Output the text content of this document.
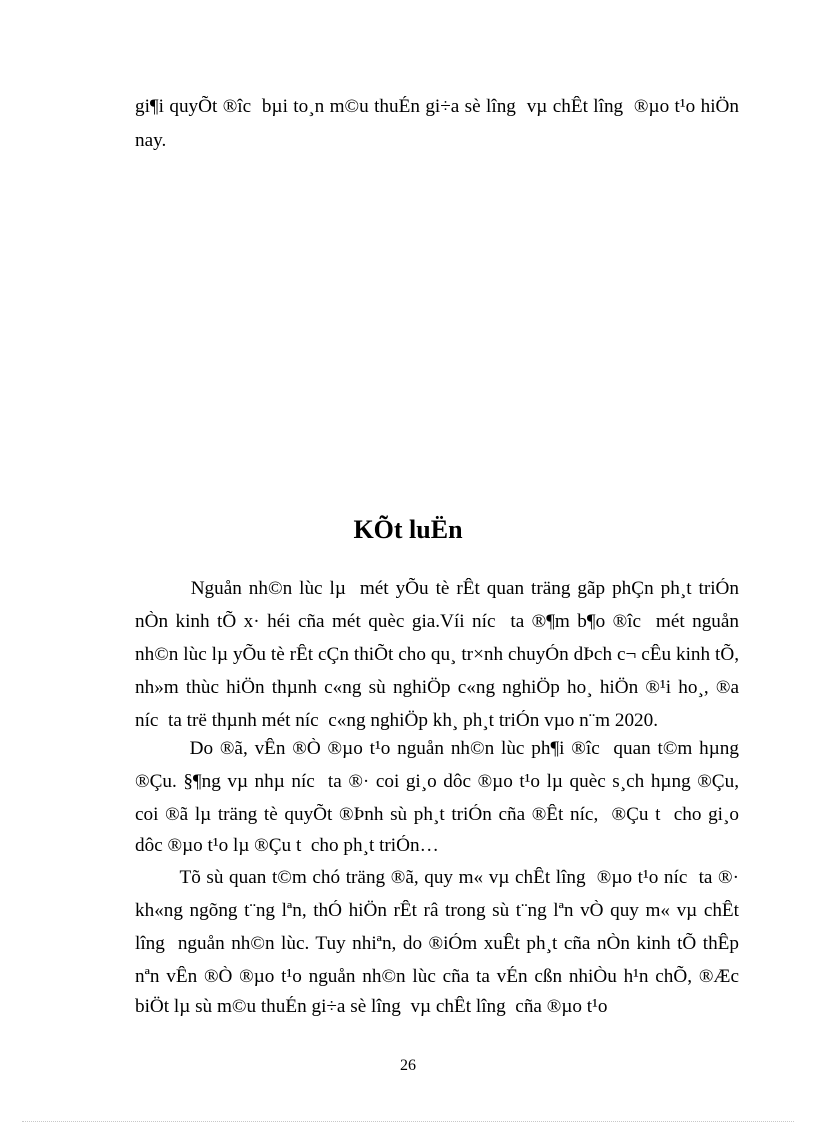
gi¶i quyÕt ®îc  bµi to¸n m©u thuÉn gi÷a sè lîng  vµ chÊt lîng  ®µo t¹o hiÖn
nay.
KÕt luËn
Nguån nh©n lùc lµ  mét yÕu tè rÊt quan träng gãp phÇn ph¸t triÓn
nÒn kinh tÕ x· héi cña mét quèc gia.Víi níc  ta ®¶m b¶o ®îc  mét nguån
nh©n lùc lµ yÕu tè rÊt cÇn thiÕt cho qu¸ tr×nh chuyÓn dÞch c¬ cÊu kinh tÕ,
nh»m thùc hiÖn thµnh c«ng sù nghiÖp c«ng nghiÖp ho¸ hiÖn ®¹i ho¸, ®a
níc  ta trë thµnh mét níc  c«ng nghiÖp kh¸ ph¸t triÓn vµo n¨m 2020.
Do ®ã, vÊn ®Ò ®µo t¹o nguån nh©n lùc ph¶i ®îc  quan t©m hµng
®Çu. §¶ng vµ nhµ níc  ta ®· coi gi¸o dôc ®µo t¹o lµ quèc s¸ch hµng ®Çu,
coi ®ã lµ träng tè quyÕt ®Þnh sù ph¸t triÓn cña ®Êt níc,  ®Çu t  cho gi¸o
dôc ®µo t¹o lµ ®Çu t  cho ph¸t triÓn…
Tõ sù quan t©m chó träng ®ã, quy m« vµ chÊt lîng  ®µo t¹o níc  ta ®·
kh«ng ngõng t¨ng lªn, thÓ hiÖn rÊt râ trong sù t¨ng lªn vÒ quy m« vµ chÊt
lîng  nguån nh©n lùc. Tuy nhiªn, do ®iÓm xuÊt ph¸t cña nÒn kinh tÕ thÊp
nªn vÊn ®Ò ®µo t¹o nguån nh©n lùc cña ta vÉn cßn nhiÒu h¹n chÕ, ®Æc
biÖt lµ sù m©u thuÉn gi÷a sè lîng  vµ chÊt lîng  cña ®µo t¹o
26
